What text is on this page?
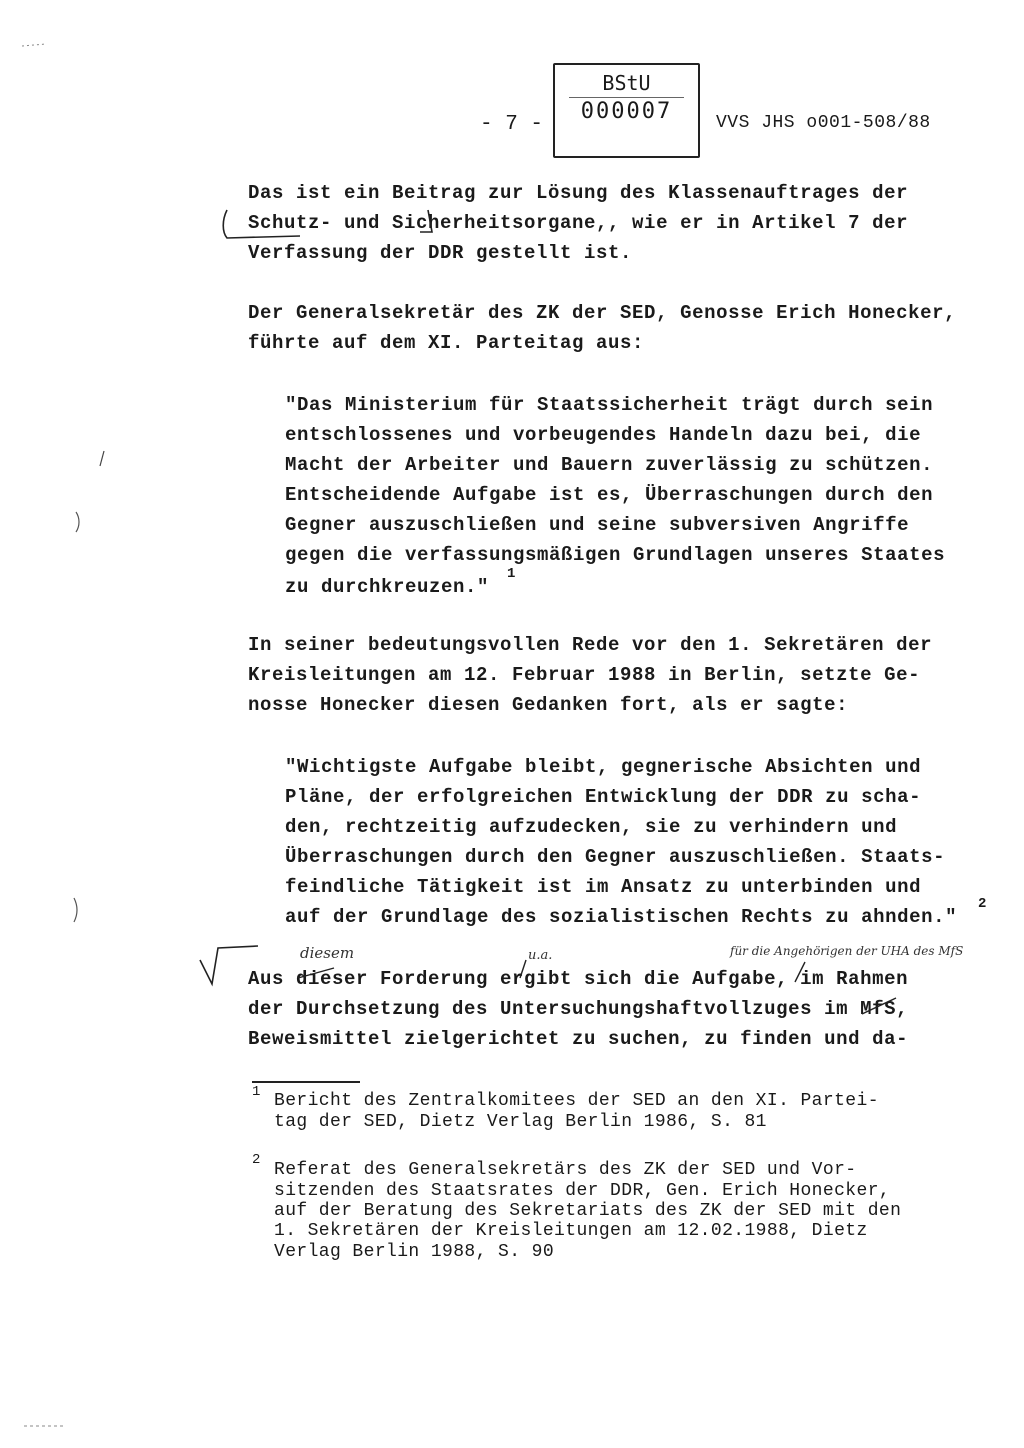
- 7 -
BStU
000007	VVS JHS o001-508/88
Das ist ein Beitrag zur Lösung des Klassenauftrages der
Schutz- und Sicherheitsorgane,, wie er in Artikel 7 der
Verfassung der DDR gestellt ist.
Der Generalsekretär des ZK der SED, Genosse Erich Honecker,
führte auf dem XI. Parteitag aus:
"Das Ministerium für Staatssicherheit trägt durch sein
entschlossenes und vorbeugendes Handeln dazu bei, die
Macht der Arbeiter und Bauern zuverlässig zu schützen.
Entscheidende Aufgabe ist es, Überraschungen durch den
Gegner auszuschließen und seine subversiven Angriffe
gegen die verfassungsmäßigen Grundlagen unseres Staates
zu durchkreuzen."
1
In seiner bedeutungsvollen Rede vor den 1. Sekretären der
Kreisleitungen am 12. Februar 1988 in Berlin, setzte Ge-
nosse Honecker diesen Gedanken fort, als er sagte:
"Wichtigste Aufgabe bleibt, gegnerische Absichten und
Pläne, der erfolgreichen Entwicklung der DDR zu scha-
den, rechtzeitig aufzudecken, sie zu verhindern und
Überraschungen durch den Gegner auszuschließen. Staats-
feindliche Tätigkeit ist im Ansatz zu unterbinden und
auf der Grundlage des sozialistischen Rechts zu ahnden."
2
diesem	u.a.	für die Angehörigen der UHA des MfS
Aus dieser Forderung ergibt sich die Aufgabe, im Rahmen
der Durchsetzung des Untersuchungshaftvollzuges im MfS,
Beweismittel zielgerichtet zu suchen, zu finden und da-
1 Bericht des Zentralkomitees der SED an den XI. Partei-
tag der SED, Dietz Verlag Berlin 1986, S. 81
2 Referat des Generalsekretärs des ZK der SED und Vor-
sitzenden des Staatsrates der DDR, Gen. Erich Honecker,
auf der Beratung des Sekretariats des ZK der SED mit den
1. Sekretären der Kreisleitungen am 12.02.1988, Dietz
Verlag Berlin 1988, S. 90
